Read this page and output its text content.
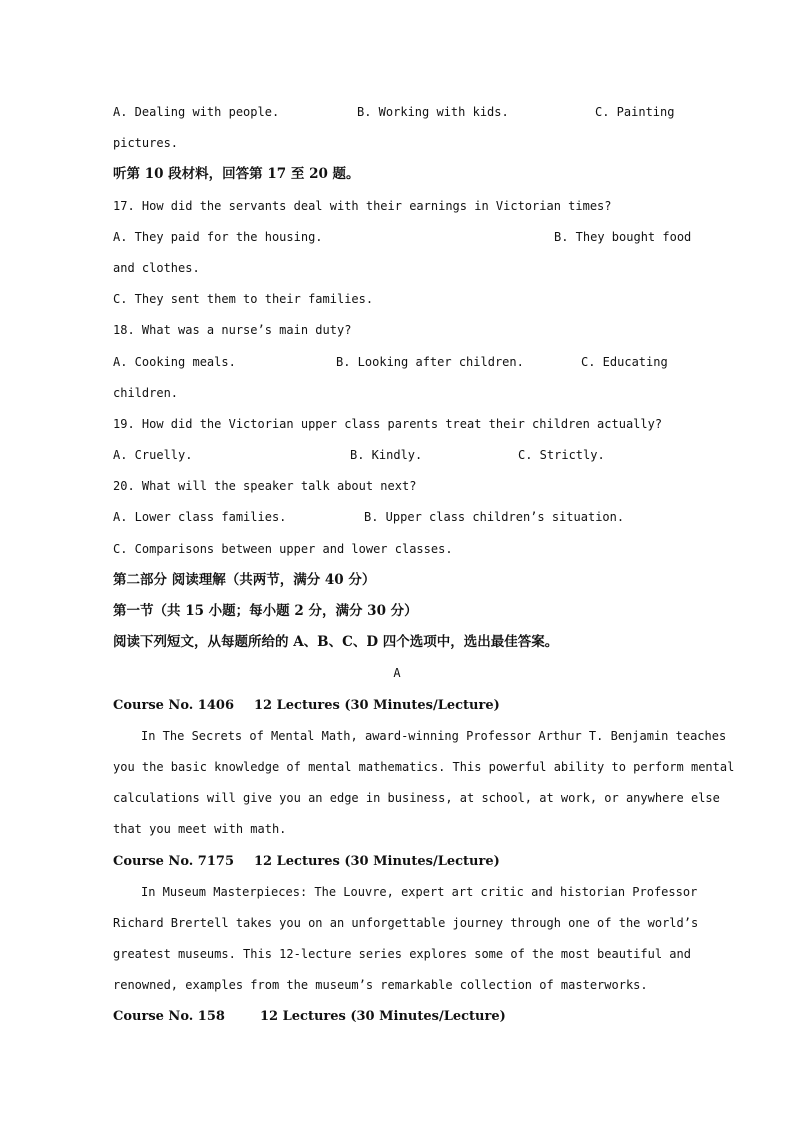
A. Dealing with people.	B. Working with kids.	C. Painting
pictures.
听第 10 段材料，回答第 17 至 20 题。
17. How did the servants deal with their earnings in Victorian times?
A. They paid for the housing.	B. They bought food
and clothes.
C. They sent them to their families.
18. What was a nurse’s main duty?
A. Cooking meals.	B. Looking after children.	C. Educating
children.
19. How did the Victorian upper class parents treat their children actually?
A. Cruelly.	B. Kindly.	C. Strictly.
20. What will the speaker talk about next?
A. Lower class families.	B. Upper class children’s situation.
C. Comparisons between upper and lower classes.
第二部分 阅读理解（共两节，满分 40 分）
第一节（共 15 小题；每小题 2 分，满分 30 分）
阅读下列短文，从每题所给的 A、B、C、D 四个选项中，选出最佳答案。
A
Course No. 1406 12 Lectures (30 Minutes/Lecture)
In The Secrets of Mental Math, award-winning Professor Arthur T. Benjamin teaches
you the basic knowledge of mental mathematics. This powerful ability to perform mental
calculations will give you an edge in business, at school, at work, or anywhere else
that you meet with math.
Course No. 7175 12 Lectures (30 Minutes/Lecture)
In Museum Masterpieces: The Louvre, expert art critic and historian Professor
Richard Brertell takes you on an unforgettable journey through one of the world’s
greatest museums. This 12-lecture series explores some of the most beautiful and
renowned, examples from the museum’s remarkable collection of masterworks.
Course No. 158	12 Lectures (30 Minutes/Lecture)
